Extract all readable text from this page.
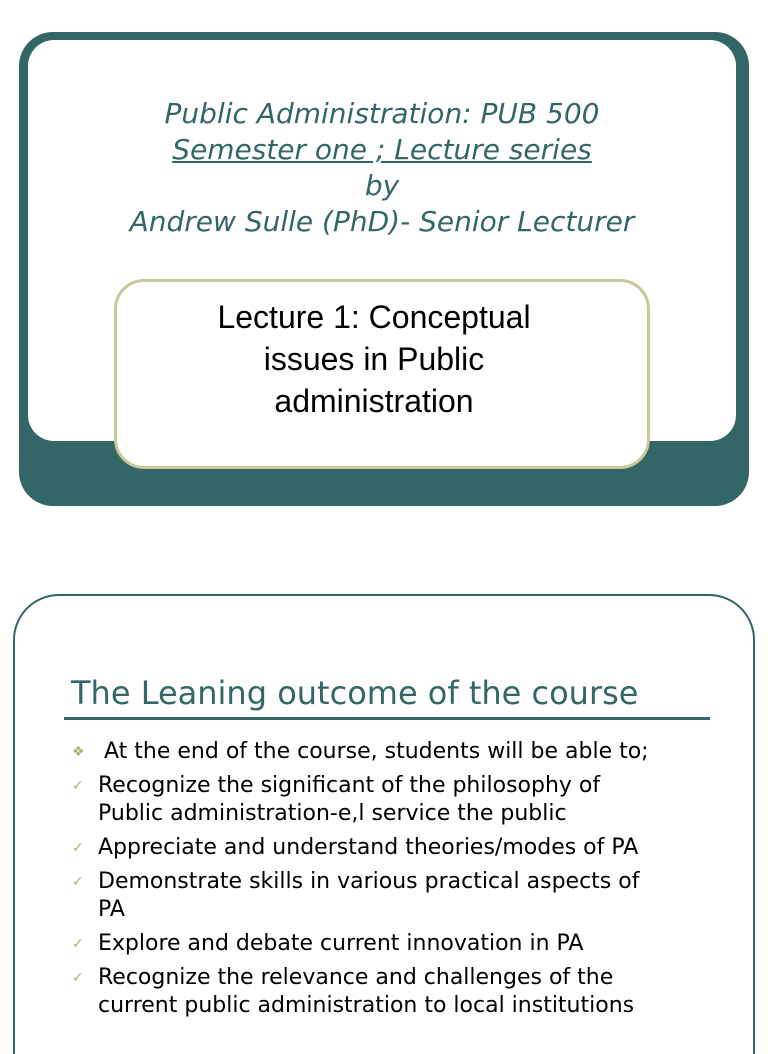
Public Administration: PUB 500
Semester one ; Lecture series
by
Andrew Sulle (PhD)- Senior Lecturer
Lecture 1: Conceptual
issues in Public
administration
The Leaning outcome of the course
❖ At the end of the course, students will be able to;
✓ Recognize the significant of the philosophy of
Public administration-e,l service the public
✓ Appreciate and understand theories/modes of PA
✓ Demonstrate skills in various practical aspects of
PA
✓ Explore and debate current innovation in PA
✓ Recognize the relevance and challenges of the
current public administration to local institutions
